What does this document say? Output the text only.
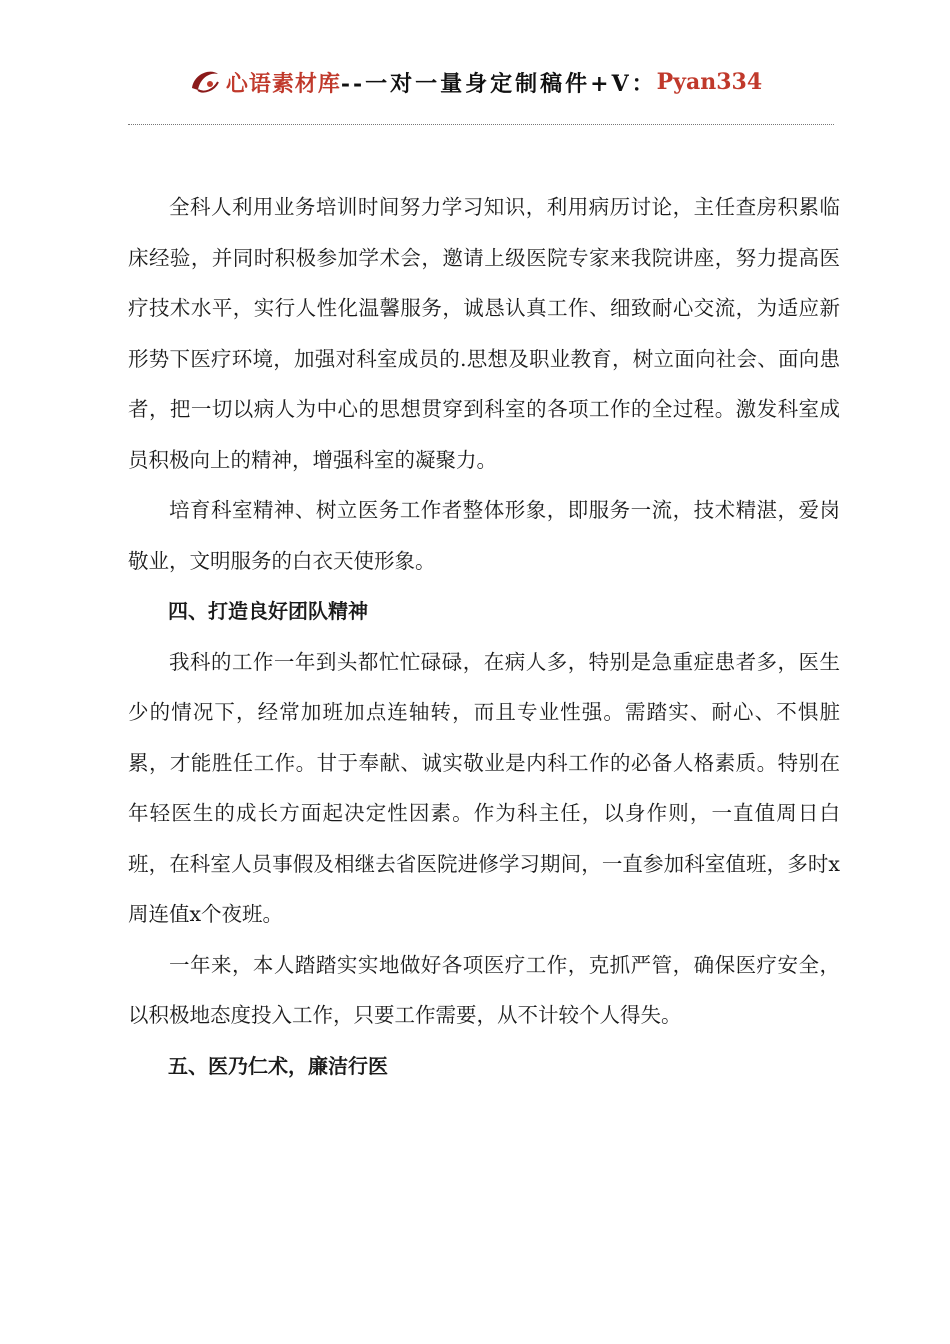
心语素材库 --一对一量身定制稿件+V： Pyan334

全科人利用业务培训时间努力学习知识，利用病历讨论，主任查房积累临床经验，并同时积极参加学术会，邀请上级医院专家来我院讲座，努力提高医疗技术水平，实行人性化温馨服务，诚恳认真工作、细致耐心交流，为适应新形势下医疗环境，加强对科室成员的.思想及职业教育，树立面向社会、面向患者，把一切以病人为中心的思想贯穿到科室的各项工作的全过程。激发科室成员积极向上的精神，增强科室的凝聚力。

培育科室精神、树立医务工作者整体形象，即服务一流，技术精湛，爱岗敬业，文明服务的白衣天使形象。

四、打造良好团队精神

我科的工作一年到头都忙忙碌碌，在病人多，特别是急重症患者多，医生少的情况下，经常加班加点连轴转，而且专业性强。需踏实、耐心、不惧脏累，才能胜任工作。甘于奉献、诚实敬业是内科工作的必备人格素质。特别在年轻医生的成长方面起决定性因素。作为科主任，以身作则，一直值周日白班，在科室人员事假及相继去省医院进修学习期间，一直参加科室值班，多时x周连值x个夜班。

一年来，本人踏踏实实地做好各项医疗工作，克抓严管，确保医疗安全，以积极地态度投入工作，只要工作需要，从不计较个人得失。

五、医乃仁术，廉洁行医
